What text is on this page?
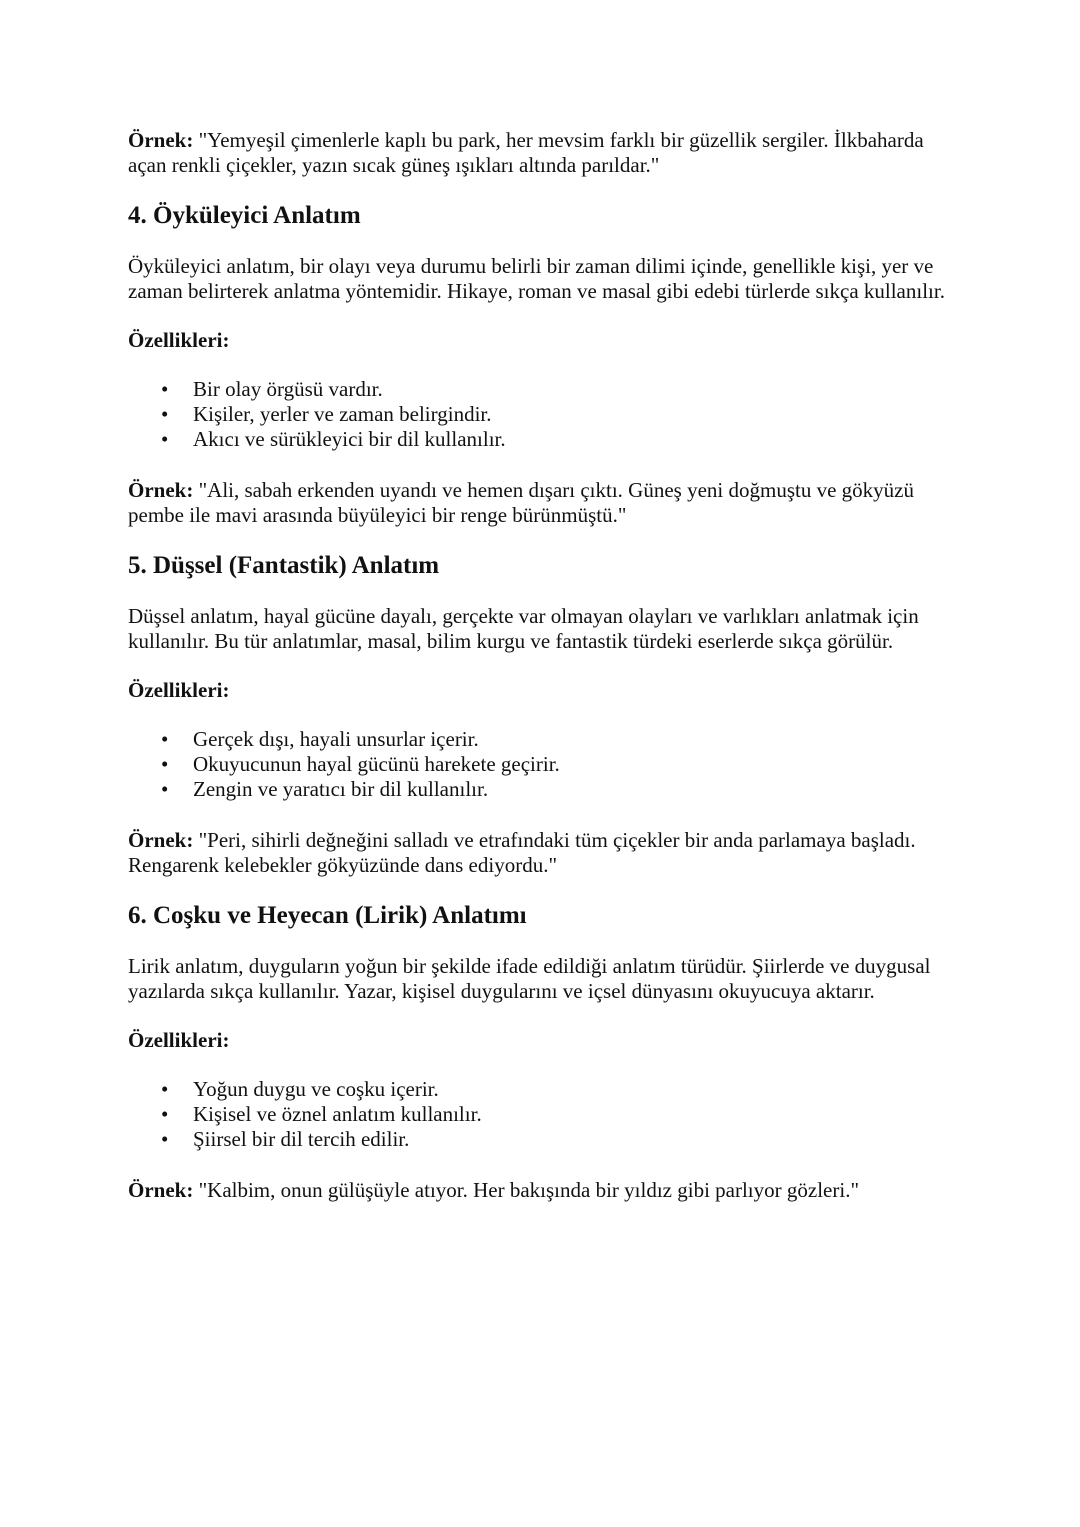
Örnek: "Yemyeşil çimenlerle kaplı bu park, her mevsim farklı bir güzellik sergiler. İlkbaharda açan renkli çiçekler, yazın sıcak güneş ışıkları altında parıldar."

4. Öyküleyici Anlatım

Öyküleyici anlatım, bir olayı veya durumu belirli bir zaman dilimi içinde, genellikle kişi, yer ve zaman belirterek anlatma yöntemidir. Hikaye, roman ve masal gibi edebi türlerde sıkça kullanılır.

Özellikleri:

• Bir olay örgüsü vardır.
• Kişiler, yerler ve zaman belirgindir.
• Akıcı ve sürükleyici bir dil kullanılır.

Örnek: "Ali, sabah erkenden uyandı ve hemen dışarı çıktı. Güneş yeni doğmuştu ve gökyüzü pembe ile mavi arasında büyüleyici bir renge bürünmüştü."

5. Düşsel (Fantastik) Anlatım

Düşsel anlatım, hayal gücüne dayalı, gerçekte var olmayan olayları ve varlıkları anlatmak için kullanılır. Bu tür anlatımlar, masal, bilim kurgu ve fantastik türdeki eserlerde sıkça görülür.

Özellikleri:

• Gerçek dışı, hayali unsurlar içerir.
• Okuyucunun hayal gücünü harekete geçirir.
• Zengin ve yaratıcı bir dil kullanılır.

Örnek: "Peri, sihirli değneğini salladı ve etrafındaki tüm çiçekler bir anda parlamaya başladı. Rengarenk kelebekler gökyüzünde dans ediyordu."

6. Coşku ve Heyecan (Lirik) Anlatımı

Lirik anlatım, duyguların yoğun bir şekilde ifade edildiği anlatım türüdür. Şiirlerde ve duygusal yazılarda sıkça kullanılır. Yazar, kişisel duygularını ve içsel dünyasını okuyucuya aktarır.

Özellikleri:

• Yoğun duygu ve coşku içerir.
• Kişisel ve öznel anlatım kullanılır.
• Şiirsel bir dil tercih edilir.

Örnek: "Kalbim, onun gülüşüyle atıyor. Her bakışında bir yıldız gibi parlıyor gözleri."
